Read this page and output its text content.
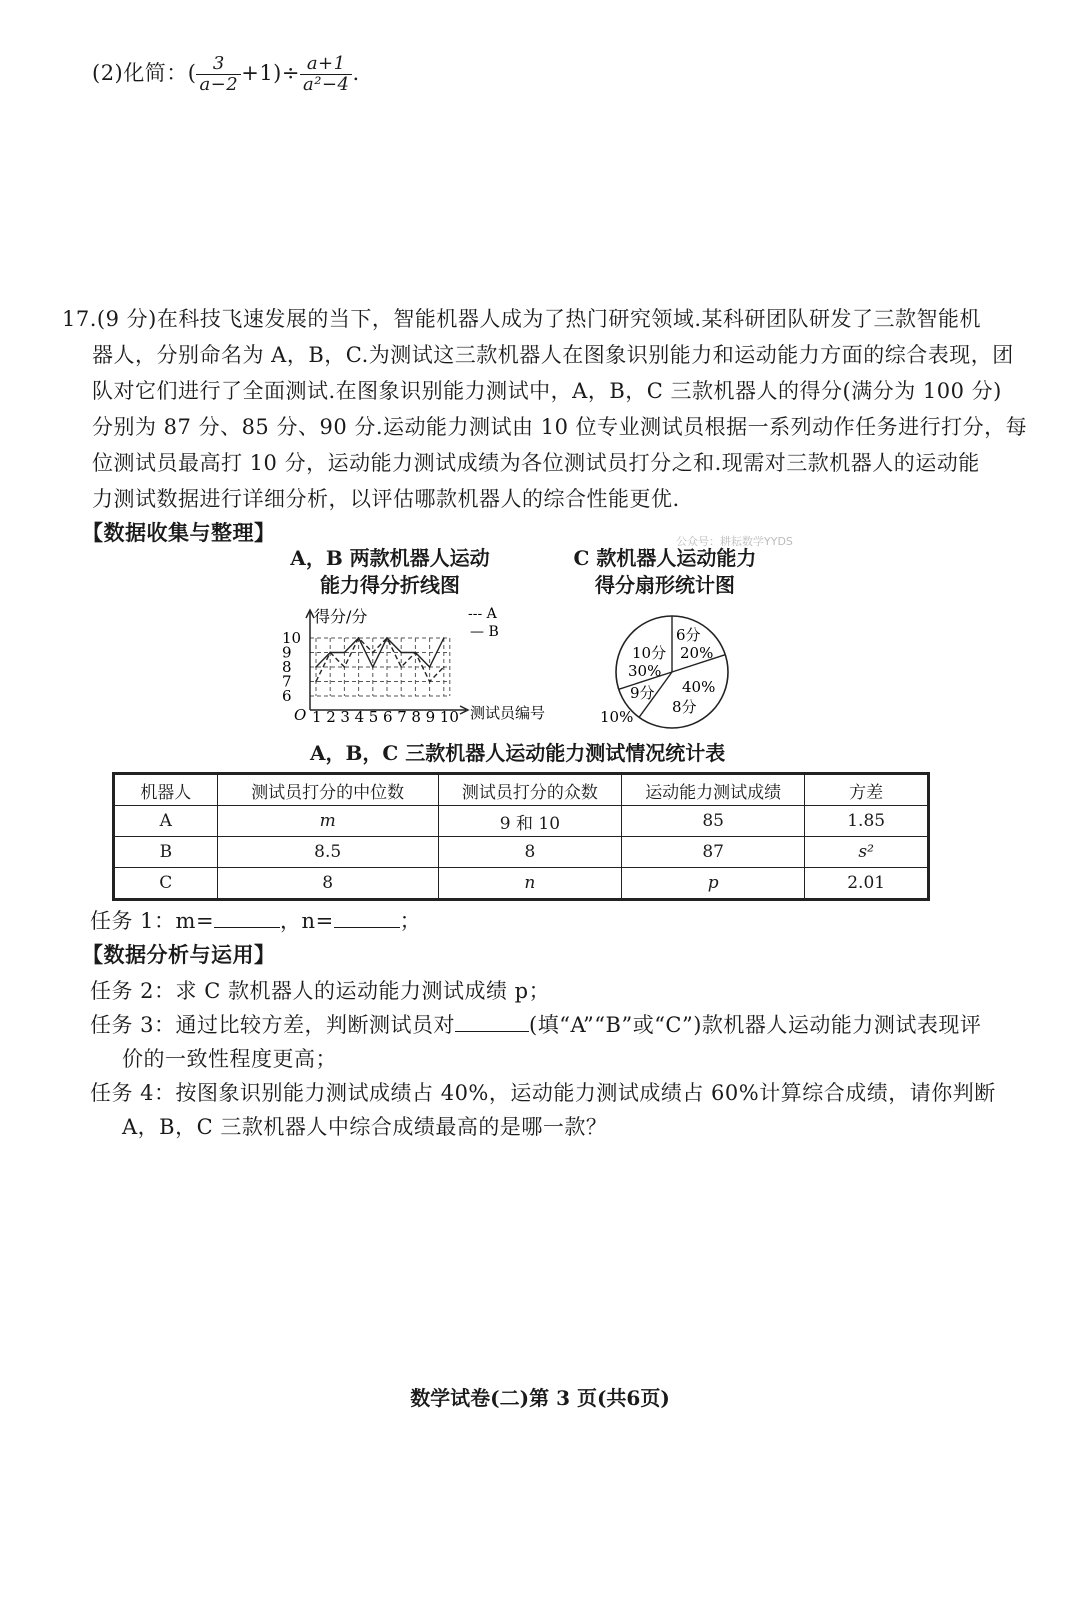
(2)化简：( $\frac{3}{a-2} +1)\div \frac{a+1}{\text{a²−4}}$ .
17.(9 分)在科技飞速发展的当下，智能机器人成为了热门研究领域.某科研团队研发了三款智能机
器人，分别命名为 A，B，C.为测试这三款机器人在图象识别能力和运动能力方面的综合表现，团
队对它们进行了全面测试.在图象识别能力测试中，A，B，C 三款机器人的得分(满分为 100 分)
分别为 87 分、85 分、90 分.运动能力测试由 10 位专业测试员根据一系列动作任务进行打分，每
位测试员最高打 10 分，运动能力测试成绩为各位测试员打分之和.现需对三款机器人的运动能
力测试数据进行详细分析，以评估哪款机器人的综合性能更优.
【数据收集与整理】	公众号：耕耘数学YYDS
A，B 两款机器人运动
能力得分折线图
得分/分
测试员编号
O
--- A
— B
6
7
8
9
10
1 2 3 4 5 6 7 8 9 10
C 款机器人运动能力
得分扇形统计图
6分
20%
40%
8分
9分
10%
10分
30%
A，B，C 三款机器人运动能力测试情况统计表
机器人	测试员打分的中位数	测试员打分的众数	运动能力测试成绩	方差
A	m	9 和 10	85	1.85
B	8.5	8	87	s²
C	8	n	p	2.01
任务 1：m=	，n=	；
【数据分析与运用】
任务 2：求 C 款机器人的运动能力测试成绩 p；
任务 3：通过比较方差，判断测试员对	(填“A”“B”或“C”)款机器人运动能力测试表现评
价的一致性程度更高；
任务 4：按图象识别能力测试成绩占 40%，运动能力测试成绩占 60%计算综合成绩，请你判断
A，B，C 三款机器人中综合成绩最高的是哪一款？
数学试卷(二)第 3 页(共6页)
